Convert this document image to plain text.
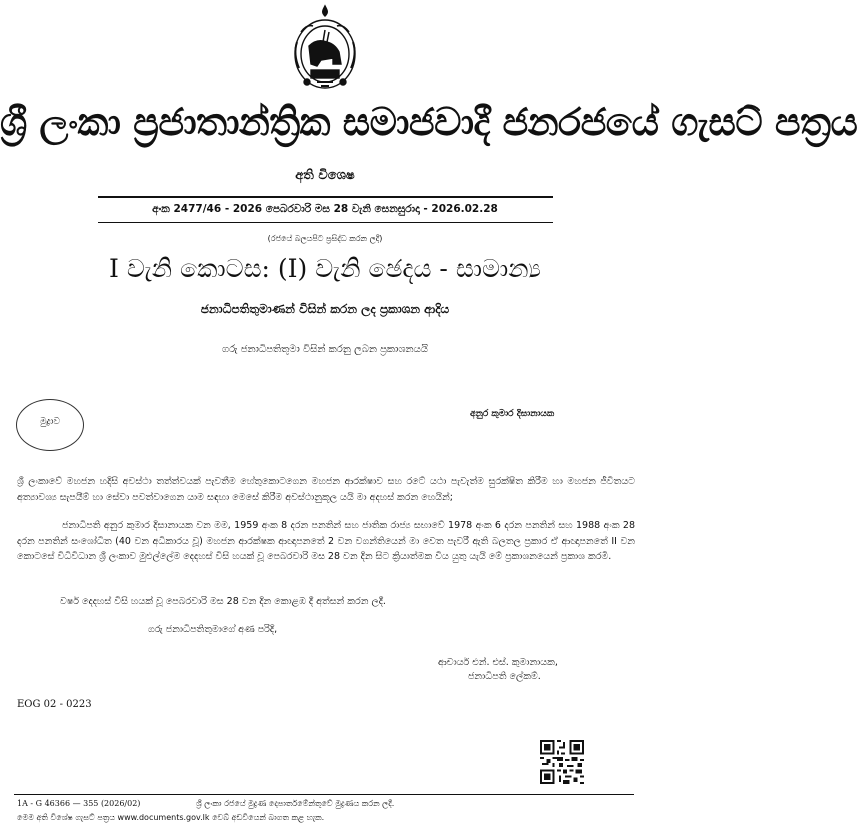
ශ්‍රී ලංකා ප්‍රජාතාන්ත්‍රික සමාජවාදී ජනරජයේ ගැසට් පත්‍රය
අති විශෙෂ
අංක 2477/46 - 2026 පෙබරවාරි මස 28 වැනි සෙනසුරාදා - 2026.02.28
(රජයේ බලයපිට ප්‍රසිද්ධ කරන ලදී)
I වැනි කොටස: (I) වැනි ඡෙදය - සාමාන්‍ය
ජනාධිපතිතුමාණන් විසින් කරන ලද ප්‍රකාශන ආදිය
ගරු ජනාධිපතිතුමා විසින් කරනු ලබන ප්‍රකාශනයයි
මුද්‍රාව
අනුර කුමාර දිසානායක
ශ්‍රී ලංකාවේ මහජන හදිසි අවස්ථා තත්ත්වයක් පැවතීම හේතුකොටගෙන මහජන ආරක්ෂාව සහ රටේ යථා පැවැත්ම සුරක්ෂිත කිරීම හා මහජන ජීවිතයට අත්‍යාවශ්‍ය සැපයීම් හා සේවා පවත්වාගෙන යාම සඳහා මෙසේ කිරීම අවස්ථානුකූල යයි මා අදහස් කරන හෙයින්;
ජනාධිපති අනුර කුමාර දිසානායක වන මම, 1959 අංක 8 දරන පනතින් සහ ජාතික රාජ්‍ය සභාවේ 1978 අංක 6 දරන පනතින් සහ 1988 අංක 28 දරන පනතින් සංශෝධිත (40 වන අධිකාරය වූ) මහජන ආරක්ෂක ආඥාපනතේ 2 වන වගන්තියෙන් මා වෙත පැවරී ඇති බලතල ප්‍රකාර ඒ ආඥාපනතේ II වන කොටසේ විධිවිධාන ශ්‍රී ලංකාව මුළුල්ලේම දෙදහස් විසි හයක් වූ පෙබරවාරි මස 28 වන දින සිට ක්‍රියාත්මක විය යුතු යැයි මේ ප්‍රකාශනයෙන් ප්‍රකාශ කරමි.
වර්ෂ දෙදහස් විසි හයක් වූ පෙබරවාරි මස 28 වන දින කොළඹ දී අත්සන් කරන ලදී.
ගරු ජනාධිපතිතුමාගේ අණ පරිදි,
ආචාර්ය එන්. එස්. කුමානායක,
ජනාධිපති ලේකම්.
EOG 02 - 0223
1A - G 46366 — 355 (2026/02)	ශ්‍රී ලංකා රජයේ මුද්‍රණ දෙපාර්තමේන්තුවේ මුද්‍රණය කරන ලදී.
මෙම අති විශේෂ ගැසට් පත්‍රය www.documents.gov.lk වෙබ් අඩවියෙන් බාගත කළ හැක.
